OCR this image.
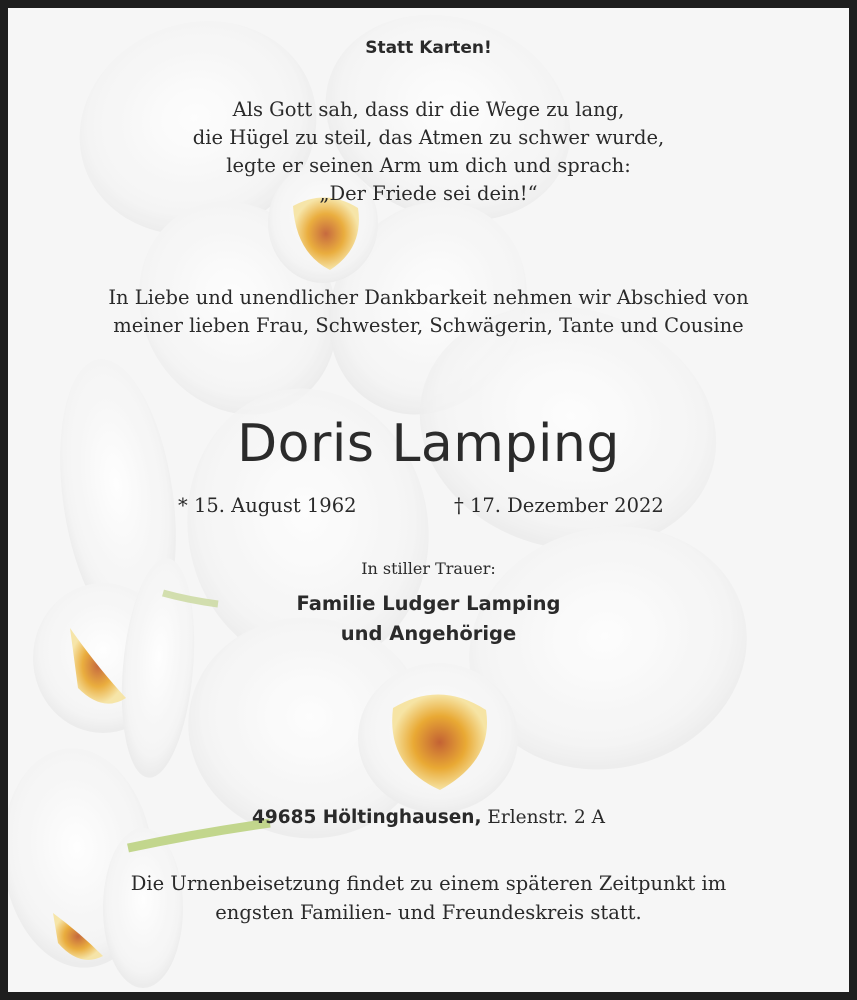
Statt Karten!
Als Gott sah, dass dir die Wege zu lang,
die Hügel zu steil, das Atmen zu schwer wurde,
legte er seinen Arm um dich und sprach:
„Der Friede sei dein!“
In Liebe und unendlicher Dankbarkeit nehmen wir Abschied von
meiner lieben Frau, Schwester, Schwägerin, Tante und Cousine
Doris Lamping
* 15. August 1962	† 17. Dezember 2022
In stiller Trauer:
Familie Ludger Lamping
und Angehörige
49685 Höltinghausen, Erlenstr. 2 A
Die Urnenbeisetzung findet zu einem späteren Zeitpunkt im
engsten Familien- und Freundeskreis statt.
